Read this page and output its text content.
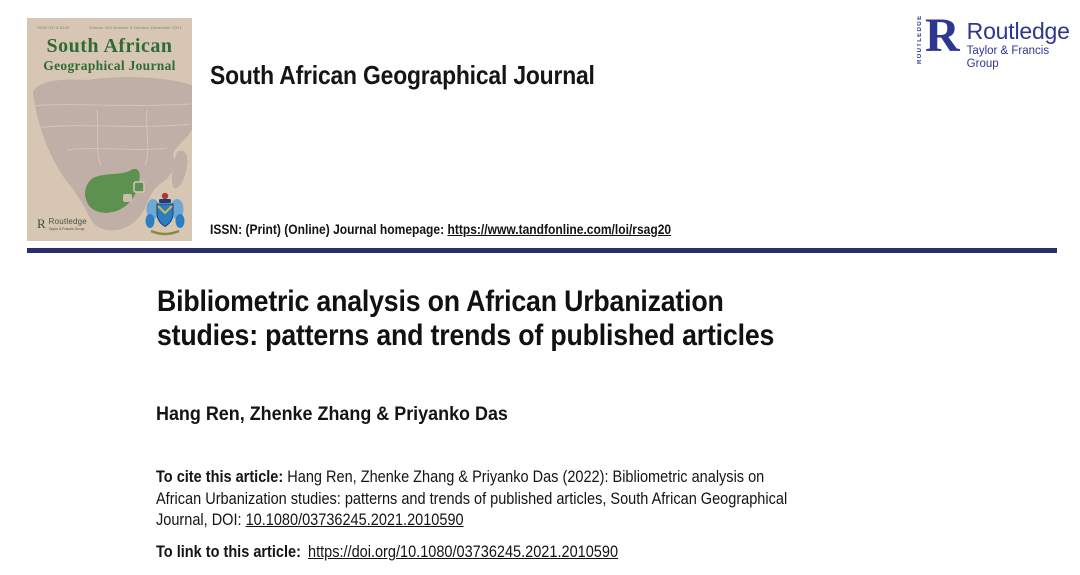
ISSN 0373-6245	Volume 103 Number 4 October-December 2021
South African
Geographical Journal
R Routledge
Taylor & Francis Group
South African Geographical Journal
ISSN: (Print) (Online) Journal homepage: https://www.tandfonline.com/loi/rsag20
ROUTLEDGE R Routledge
Taylor & Francis Group
Bibliometric analysis on African Urbanization
studies: patterns and trends of published articles
Hang Ren, Zhenke Zhang & Priyanko Das
To cite this article: Hang Ren, Zhenke Zhang & Priyanko Das (2022): Bibliometric analysis on
African Urbanization studies: patterns and trends of published articles, South African Geographical
Journal, DOI: 10.1080/03736245.2021.2010590
To link to this article: https://doi.org/10.1080/03736245.2021.2010590
